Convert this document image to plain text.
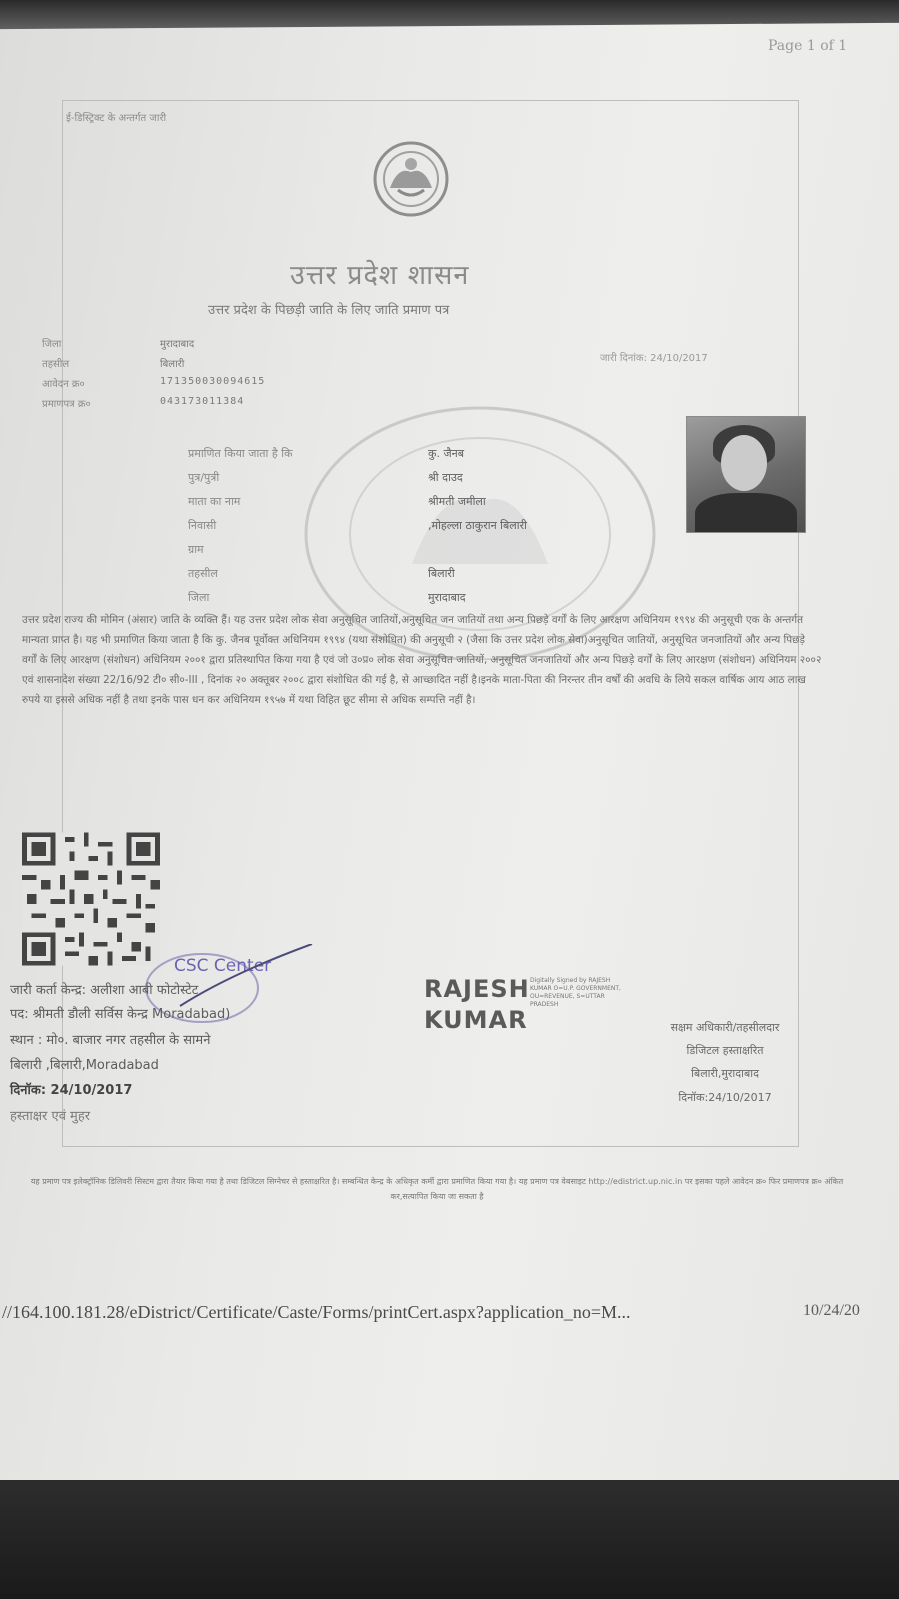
Page 1 of 1
ई-डिस्ट्रिक्ट के अन्तर्गत जारी
उत्तर प्रदेश शासन
उत्तर प्रदेश के पिछड़ी जाति के लिए जाति प्रमाण पत्र
जिला	मुरादाबाद
तहसील	बिलारी
आवेदन क्र०	171350030094615
प्रमाणपत्र क्र०	043173011384
जारी दिनांक: 24/10/2017
प्रमाणित किया जाता है कि	कु. जैनब
पुत्र/पुत्री	श्री दाउद
माता का नाम	श्रीमती जमीला
निवासी	,मोहल्ला ठाकुरान बिलारी
ग्राम
तहसील	बिलारी
जिला	मुरादाबाद
उत्तर प्रदेश राज्य की मोमिन (अंसार) जाति के व्यक्ति हैं। यह उत्तर प्रदेश लोक सेवा अनुसूचित जातियों,अनुसूचित जन जातियों तथा अन्य पिछड़े वर्गों के लिए आरक्षण अधिनियम १९९४ की अनुसूची एक के अन्तर्गत मान्यता प्राप्त है। यह भी प्रमाणित किया जाता है कि कु. जैनब पूर्वोक्त अधिनियम १९९४ (यथा संशोधित) की अनुसूची २ (जैसा कि उत्तर प्रदेश लोक सेवा)अनुसूचित जातियों, अनुसूचित जनजातियों और अन्य पिछड़े वर्गों के लिए आरक्षण (संशोधन) अधिनियम २००१ द्वारा प्रतिस्थापित किया गया है एवं जो उ०प्र० लोक सेवा अनुसूचित जातियों, अनुसूचित जनजातियों और अन्य पिछड़े वर्गों के लिए आरक्षण (संशोधन) अधिनियम २००२ एवं शासनादेश संख्या 22/16/92 टी० सी०-III , दिनांक २० अक्तूबर २००८ द्वारा संशोधित की गई है, से आच्छादित नहीं है।इनके माता-पिता की निरन्तर तीन वर्षों की अवधि के लिये सकल वार्षिक आय आठ लाख रुपये या इससे अधिक नहीं है तथा इनके पास धन कर अधिनियम १९५७ में यथा विहित छूट सीमा से अधिक सम्पत्ति नहीं है।
CSC Center
जारी कर्ता केन्द्र: अलीशा आबी फोटोस्टेट
पद: श्रीमती डौली सर्विस केन्द्र Moradabad)
स्थान : मो०. बाजार नगर तहसील के सामने
बिलारी ,बिलारी,Moradabad
दिनॉक: 24/10/2017
हस्ताक्षर एवं मुहर
RAJESH KUMAR
Digitally Signed by RAJESH KUMAR O=U.P. GOVERNMENT, OU=REVENUE, S=UTTAR PRADESH
सक्षम अधिकारी/तहसीलदार
डिजिटल हस्ताक्षरित
बिलारी,मुरादाबाद
दिनॉक:24/10/2017
यह प्रमाण पत्र इलेक्ट्रॉनिक डिलिवरी सिस्टम द्वारा तैयार किया गया है तथा डिजिटल सिग्नेचर से हस्ताक्षरित है। सम्बन्धित केन्द्र के अधिकृत कर्मी द्वारा प्रमाणित किया गया है। यह प्रमाण पत्र वेबसाइट http://edistrict.up.nic.in पर इसका पहले आवेदन क्र० फिर प्रमाणपत्र क्र० अंकित कर,सत्यापित किया जा सकता है
//164.100.181.28/eDistrict/Certificate/Caste/Forms/printCert.aspx?application_no=M...	10/24/20
